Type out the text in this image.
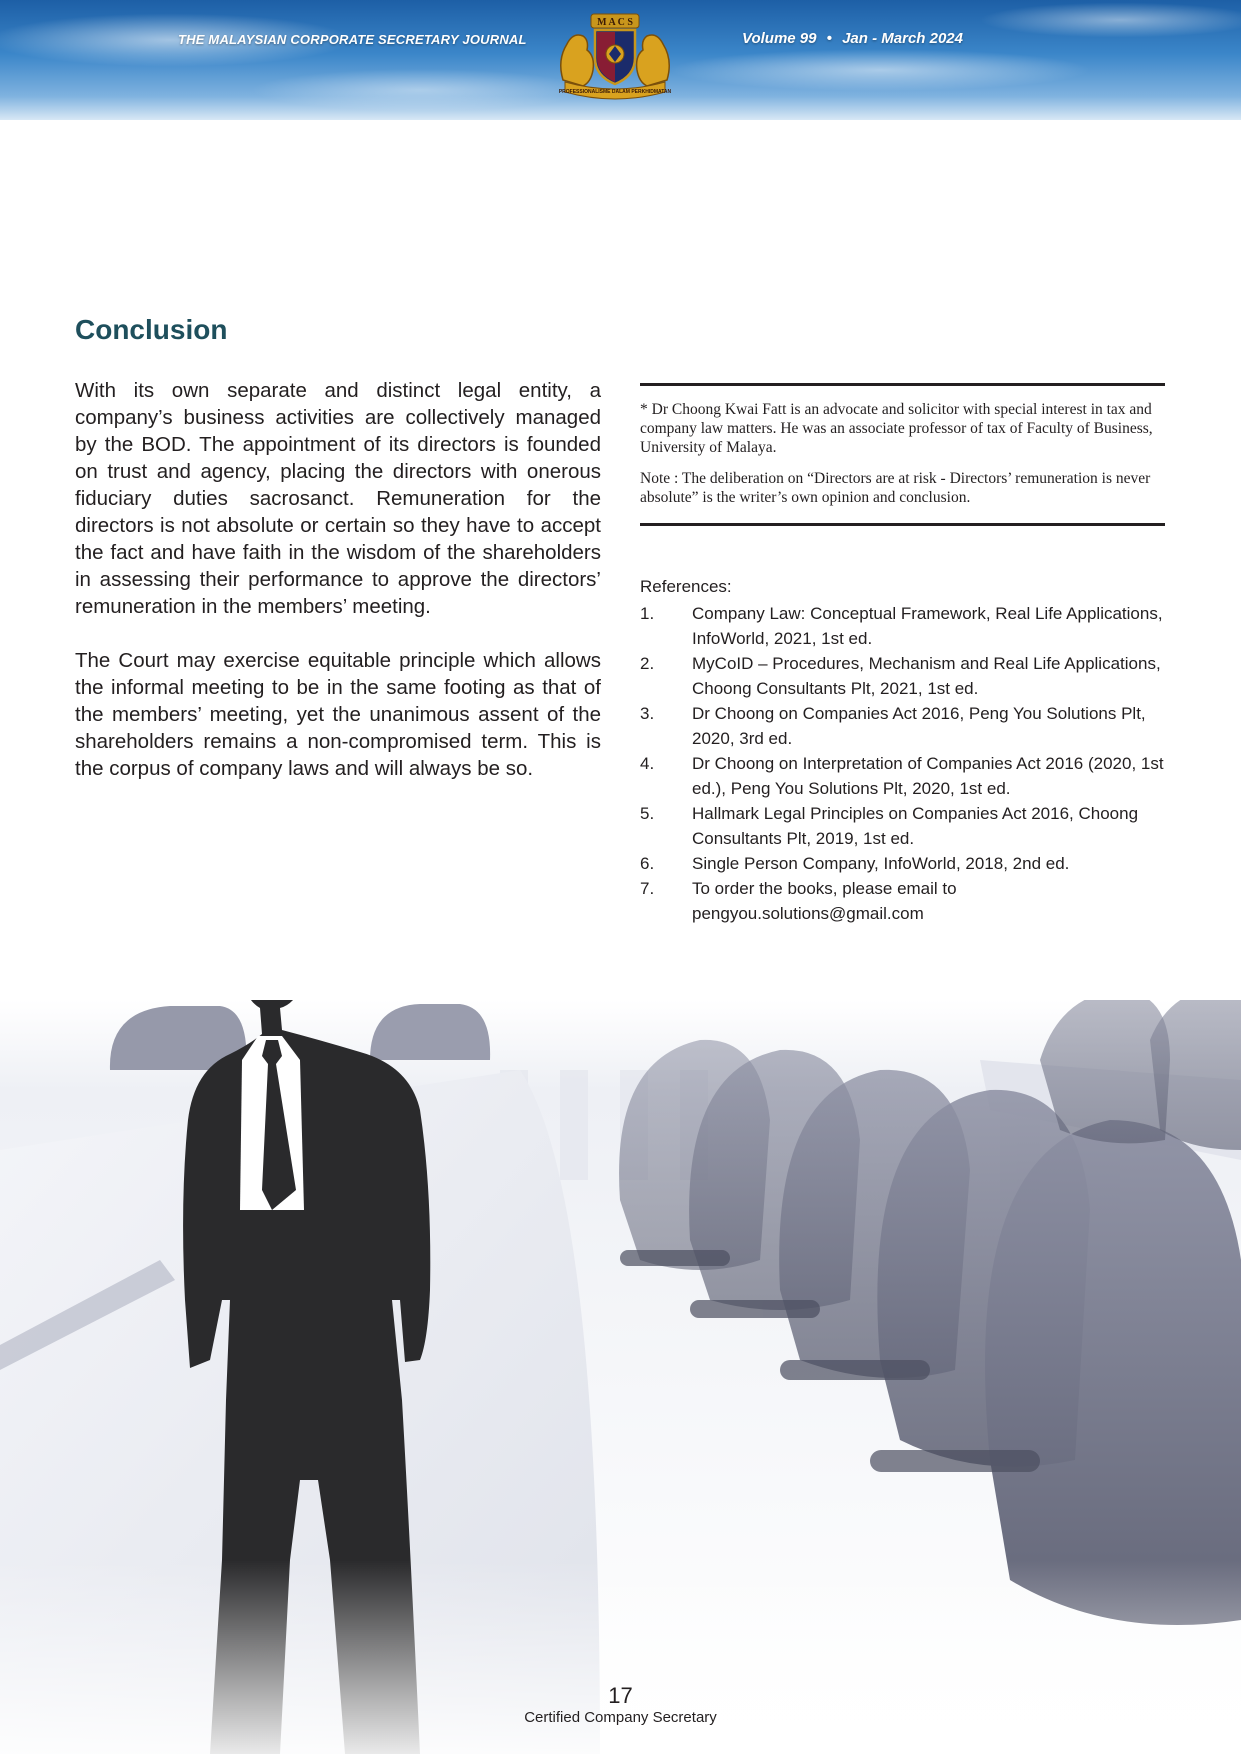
THE MALAYSIAN CORPORATE SECRETARY JOURNAL
M A C S
PROFESSIONALISME DALAM PERKHIDMATAN
Volume 99 • Jan - March 2024
Conclusion

With its own separate and distinct legal entity, a company’s business activities are collectively managed by the BOD. The appointment of its directors is founded on trust and agency, placing the directors with onerous fiduciary duties sacrosanct. Remuneration for the directors is not absolute or certain so they have to accept the fact and have faith in the wisdom of the shareholders in assessing their performance to approve the directors’ remuneration in the members’ meeting.

The Court may exercise equitable principle which allows the informal meeting to be in the same footing as that of the members’ meeting, yet the unanimous assent of the shareholders remains a non-compromised term. This is the corpus of company laws and will always be so.

* Dr Choong Kwai Fatt is an advocate and solicitor with special interest in tax and company law matters. He was an associate professor of tax of Faculty of Business, University of Malaya.

Note : The deliberation on “Directors are at risk - Directors’ remuneration is never absolute” is the writer’s own opinion and conclusion.

References:
1.	Company Law: Conceptual Framework, Real Life Applications, InfoWorld, 2021, 1st ed.
2.	MyCoID – Procedures, Mechanism and Real Life Applications, Choong Consultants Plt, 2021, 1st ed.
3.	Dr Choong on Companies Act 2016, Peng You Solutions Plt, 2020, 3rd ed.
4.	Dr Choong on Interpretation of Companies Act 2016 (2020, 1st ed.), Peng You Solutions Plt, 2020, 1st ed.
5.	Hallmark Legal Principles on Companies Act 2016, Choong Consultants Plt, 2019, 1st ed.
6.	Single Person Company, InfoWorld, 2018, 2nd ed.
7.	To order the books, please email to pengyou.solutions@gmail.com
17
Certified Company Secretary
